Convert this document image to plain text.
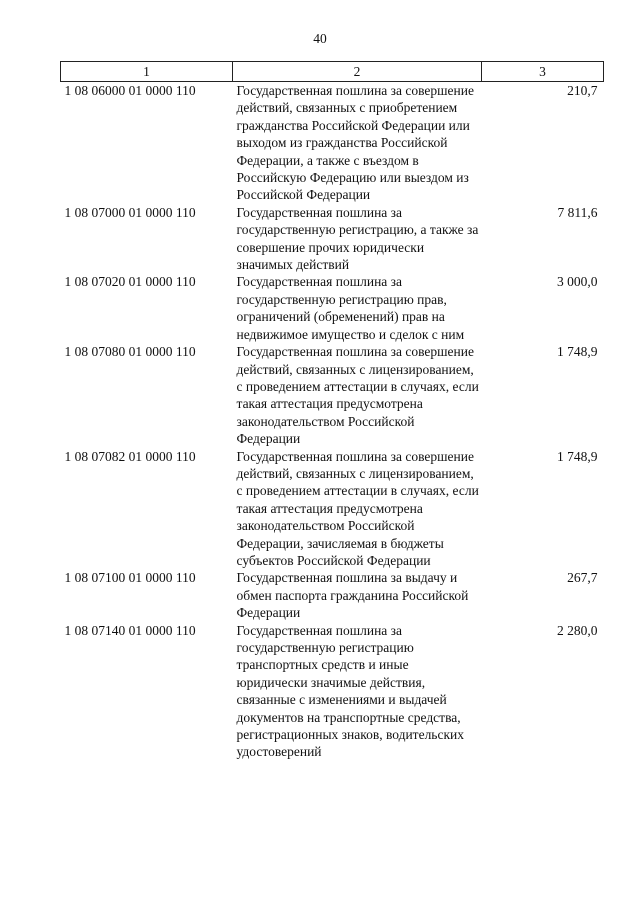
40
1	2	3
1 08 06000 01 0000 110	Государственная пошлина за совершение действий, связанных с приобретением гражданства Российской Федерации или выходом из гражданства Российской Федерации, а также с въездом в Российскую Федерацию или выездом из Российской Федерации	210,7
1 08 07000 01 0000 110	Государственная пошлина за государственную регистрацию, а также за совершение прочих юридически значимых действий	7 811,6
1 08 07020 01 0000 110	Государственная пошлина за государственную регистрацию прав, ограничений (обременений) прав на недвижимое имущество и сделок с ним	3 000,0
1 08 07080 01 0000 110	Государственная пошлина за совершение действий, связанных с лицензированием, с проведением аттестации в случаях, если такая аттестация предусмотрена законодательством Российской Федерации	1 748,9
1 08 07082 01 0000 110	Государственная пошлина за совершение действий, связанных с лицензированием, с проведением аттестации в случаях, если такая аттестация предусмотрена законодательством Российской Федерации, зачисляемая в бюджеты субъектов Российской Федерации	1 748,9
1 08 07100 01 0000 110	Государственная пошлина за выдачу и обмен паспорта гражданина Российской Федерации	267,7
1 08 07140 01 0000 110	Государственная пошлина за государственную регистрацию транспортных средств и иные юридически значимые действия, связанные с изменениями и выдачей документов на транспортные средства, регистрационных знаков, водительских удостоверений	2 280,0
